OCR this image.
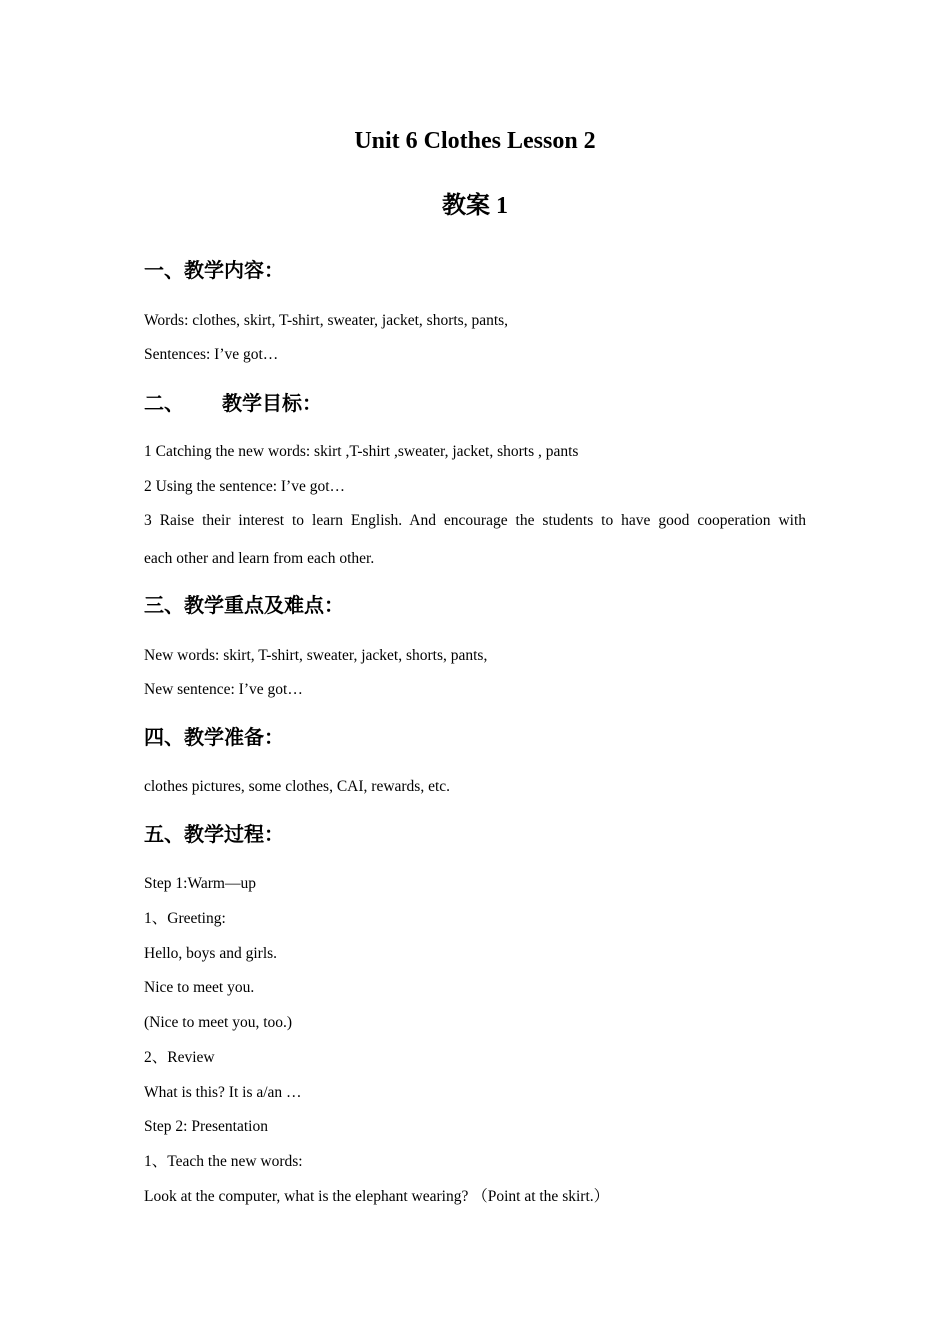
Unit 6 Clothes Lesson 2
教案 1
一、教学内容：

Words: clothes, skirt, T-shirt, sweater, jacket, shorts, pants,

Sentences: I’ve got…

二、 教学目标：

1 Catching the new words: skirt ,T-shirt ,sweater, jacket, shorts , pants

2 Using the sentence: I’ve got…

3 Raise their interest to learn English. And encourage the students to have good cooperation with

each other and learn from each other.

三、教学重点及难点：

New words: skirt, T-shirt, sweater, jacket, shorts, pants,

New sentence: I’ve got…

四、教学准备：

clothes pictures, some clothes, CAI, rewards, etc.

五、教学过程：

Step 1:Warm—up

1、Greeting:

Hello, boys and girls.

Nice to meet you.

(Nice to meet you, too.)

2、Review

What is this? It is a/an …

Step 2: Presentation

1、Teach the new words:

Look at the computer, what is the elephant wearing? （Point at the skirt.）
